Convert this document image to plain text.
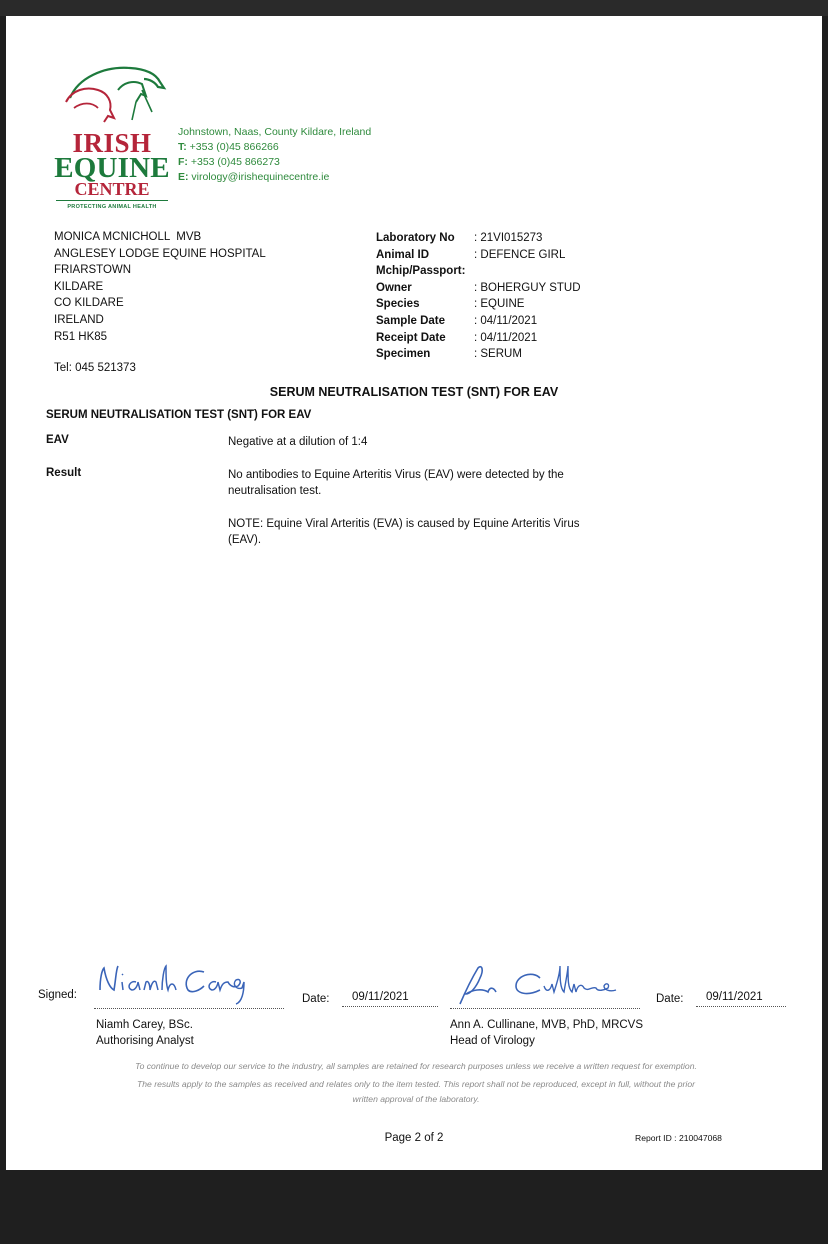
IRISH
EQUINE
CENTRE
PROTECTING ANIMAL HEALTH
Johnstown, Naas, County Kildare, Ireland
T: +353 (0)45 866266
F: +353 (0)45 866273
E: virology@irishequinecentre.ie
MONICA MCNICHOLL  MVB
ANGLESEY LODGE EQUINE HOSPITAL
FRIARSTOWN
KILDARE
CO KILDARE
IRELAND
R51 HK85
Tel: 045 521373
Laboratory No	: 21VI015273
Animal ID	: DEFENCE GIRL
Mchip/Passport:
Owner	: BOHERGUY STUD
Species	: EQUINE
Sample Date	: 04/11/2021
Receipt Date	: 04/11/2021
Specimen	: SERUM
SERUM NEUTRALISATION TEST (SNT) FOR EAV
SERUM NEUTRALISATION TEST (SNT) FOR EAV
EAV	Negative at a dilution of 1:4
Result	No antibodies to Equine Arteritis Virus (EAV) were detected by the
neutralisation test.
NOTE: Equine Viral Arteritis (EVA) is caused by Equine Arteritis Virus
(EAV).
Signed:	Date:	09/11/2021	Date:	09/11/2021
Niamh Carey, BSc.
Authorising Analyst
Ann A. Cullinane, MVB, PhD, MRCVS
Head of Virology
To continue to develop our service to the industry, all samples are retained for research purposes unless we receive a written request for exemption.
The results apply to the samples as received and relates only to the item tested. This report shall not be reproduced, except in full, without the prior
written approval of the laboratory.
Page 2 of 2	Report ID : 210047068
